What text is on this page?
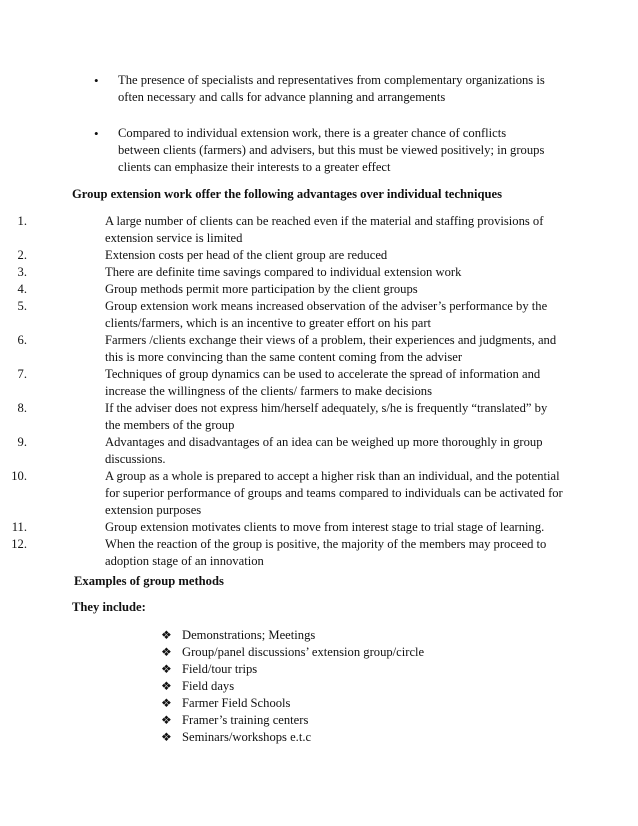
• The presence of specialists and representatives from complementary organizations is often necessary and calls for advance planning and arrangements
• Compared to individual extension work, there is a greater chance of conflicts between clients (farmers) and advisers, but this must be viewed positively; in groups clients can emphasize their interests to a greater effect
Group extension work offer the following advantages over individual techniques
1.	A large number of clients can be reached even if the material and staffing provisions of extension service is limited
2.	Extension costs per head of the client group are reduced
3.	There are definite time savings compared to individual extension work
4.	Group methods permit more participation by the client groups
5.	Group extension work means increased observation of the adviser’s performance by the clients/farmers, which is an incentive to greater effort on his part
6.	Farmers /clients exchange their views of a problem, their experiences and judgments, and this is more convincing than the same content coming from the adviser
7.	Techniques of group dynamics can be used to accelerate the spread of information and increase the willingness of the clients/ farmers to make decisions
8.	If the adviser does not express him/herself adequately, s/he is frequently “translated” by the members of the group
9.	Advantages and disadvantages of an idea can be weighed up more thoroughly in group discussions.
10.	A group as a whole is prepared to accept a higher risk than an individual, and the potential for superior performance of groups and teams compared to individuals can be activated for extension purposes
11.	Group extension motivates clients to move from interest stage to trial stage of learning.
12.	When the reaction of the group is positive, the majority of the members may proceed to adoption stage of an innovation
Examples of group methods
They include:
❖ Demonstrations; Meetings
❖ Group/panel discussions’ extension group/circle
❖ Field/tour trips
❖ Field days
❖ Farmer Field Schools
❖ Framer’s training centers
❖ Seminars/workshops e.t.c
